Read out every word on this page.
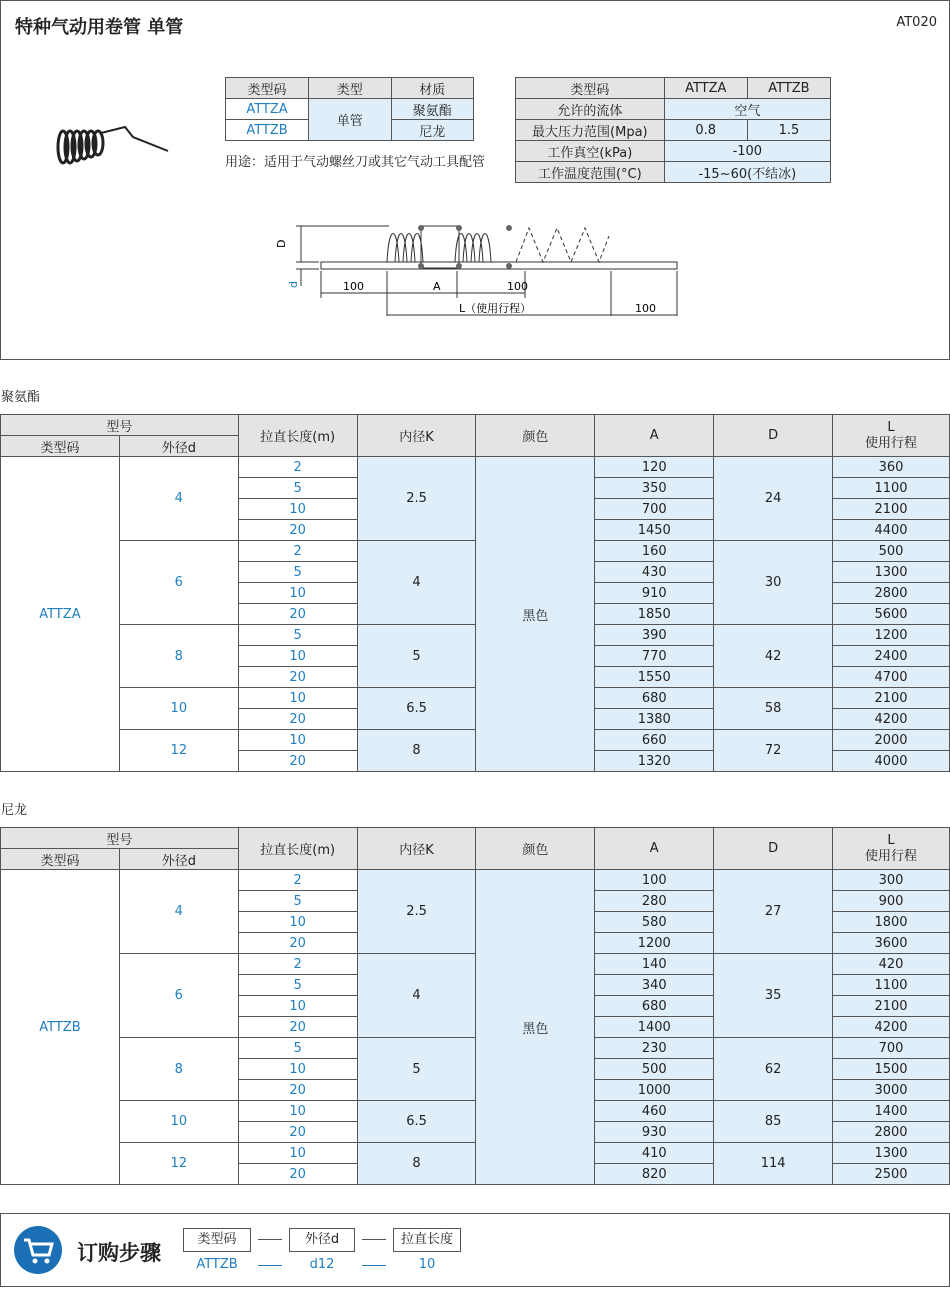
特种气动用卷管 单管	AT020
类型码	类型	材质
ATTZA	单管	聚氨酯
ATTZB		尼龙
用途：适用于气动螺丝刀或其它气动工具配管
类型码	ATTZA	ATTZB
允许的流体	空气	
最大压力范围(Mpa)	0.8	1.5
工作真空(kPa)	-100	
工作温度范围(°C)	-15~60(不结冰)	
D
d	100	A	100
L（使用行程）	100
聚氨酯
尼龙
订购步骤
类型码	外径d	拉直长度
ATTZB	d12	10
型号		拉直长度(m)	内径K	颜色	A	D	L
使用行程

类型码	外径d						
ATTZA	4	2	2.5	黑色	120	24	360
		5			350		1100
		10			700		2100
		20			1450		4400
	6	2	4		160	30	500
		5			430		1300
		10			910		2800
		20			1850		5600
	8	5	5		390	42	1200
		10			770		2400
		20			1550		4700
	10	10	6.5		680	58	2100
		20			1380		4200
	12	10	8		660	72	2000
		20			1320		4000
型号		拉直长度(m)	内径K	颜色	A	D	L
使用行程

类型码	外径d						
ATTZB	4	2	2.5	黑色	100	27	300
		5			280		900
		10			580		1800
		20			1200		3600
	6	2	4		140	35	420
		5			340		1100
		10			680		2100
		20			1400		4200
	8	5	5		230	62	700
		10			500		1500
		20			1000		3000
	10	10	6.5		460	85	1400
		20			930		2800
	12	10	8		410	114	1300
		20			820		2500
